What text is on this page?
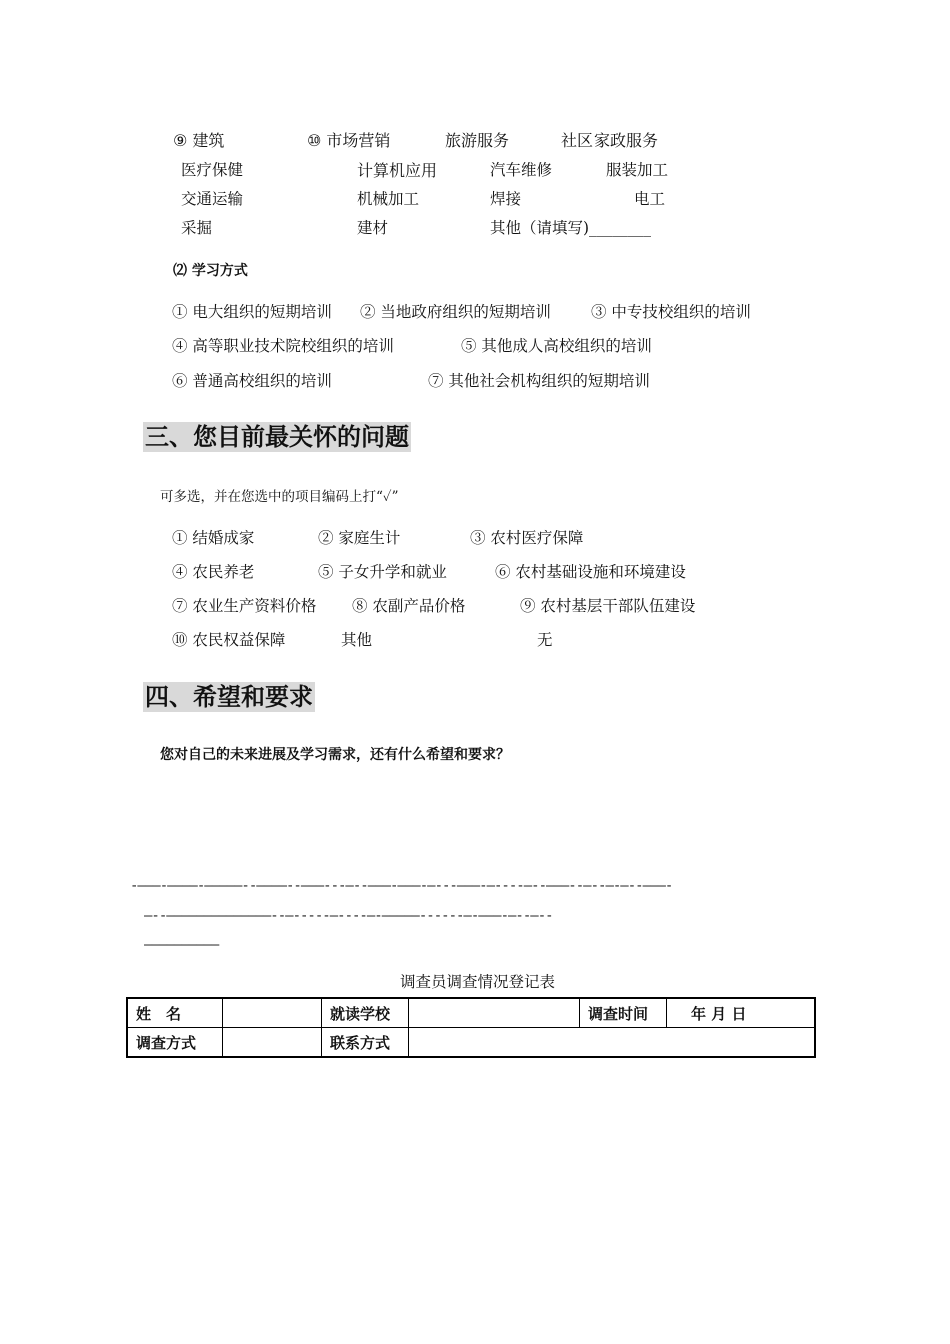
⑨ 建筑	⑩ 市场营销	旅游服务	社区 家政服务
医疗保健	计算机应用	汽车维修	服装加工
交通运输	机械加工	焊接	电工
采掘	建材	其他（请填写)________
⑵ 学习方式
① 电大组织的短期培训 ② 当地政府组织的短期培训	③ 中专技校组织的培训
④ 高等职业技术院校组织的培训	⑤ 其他成人高校组织的培训
⑥ 普通高校组织的培训	⑦ 其他社会机构组织的短期培训
三、您目前最关怀的问题
可多选，并在您选中的项目编码上打“✓”
① 结婚成家	② 家庭生计	③ 农村医疗保障
④ 农民养老	⑤ 子女升学和就业	⑥ 农村基础设施和环境建设
⑦ 农业生产资料价格 ⑧ 农副产品价格	⑨ 农村基层干部队伍建设
⑩ 农民权益保障	其他	无
四、希望和要求
您对自己的未来进展及学习需求，还有什么希望和要求？
-———-————-—————--————--———---—--———-———-—---———-—----—--———--—--—-—--———-
—--——————————————--—-----—----—-—————------—-———-—--—--
——————————
调查员调查情况登记表
姓　名		就读学校		调查时间	年 月 日
调查方式		联系方式			
